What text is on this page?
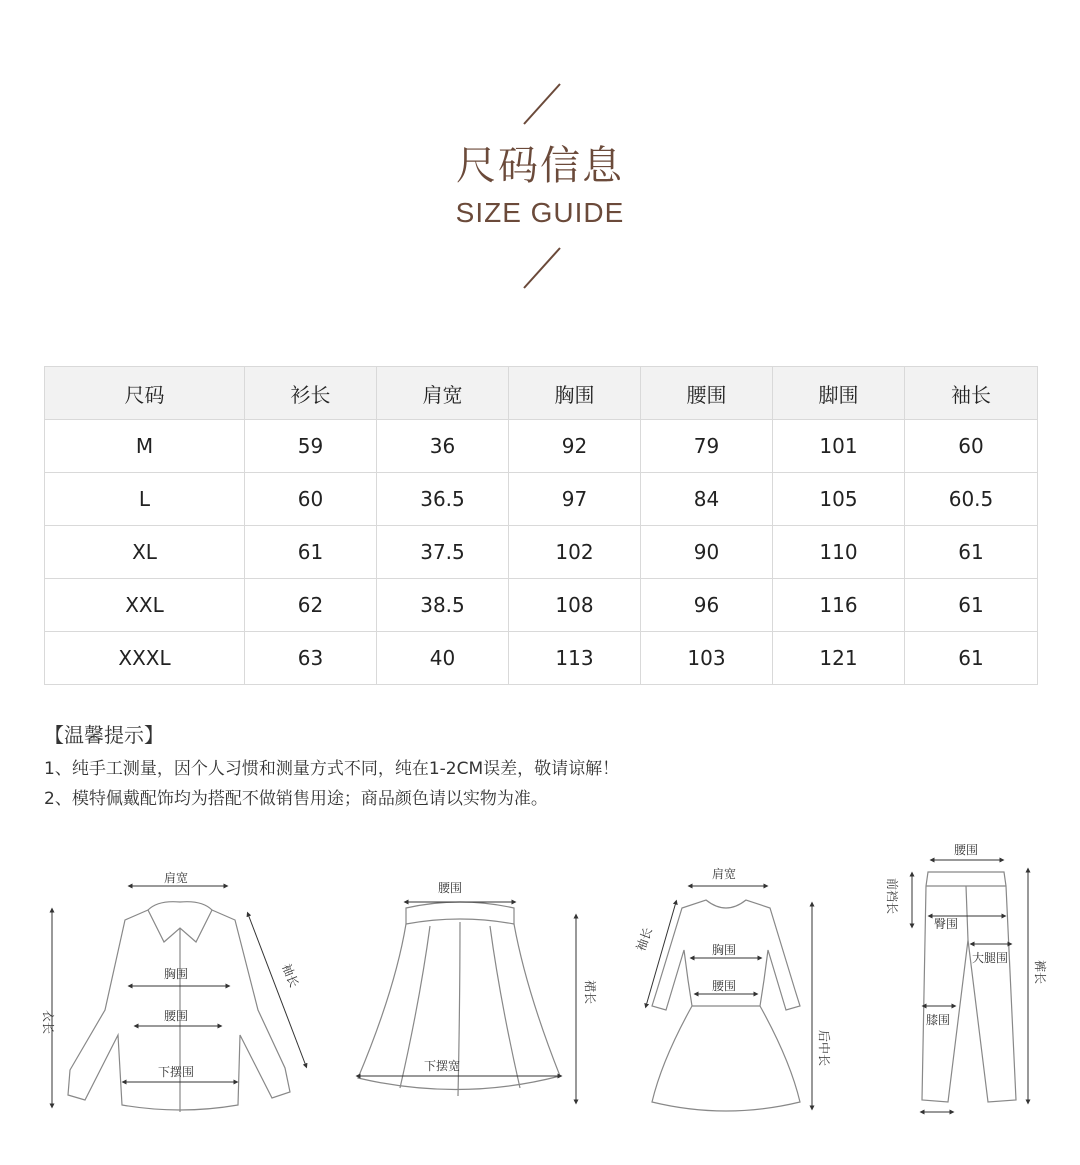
尺码信息
SIZE GUIDE
尺码	衫长	肩宽	胸围	腰围	脚围	袖长
M	59	36	92	79	101	60
L	60	36.5	97	84	105	60.5
XL	61	37.5	102	90	110	61
XXL	62	38.5	108	96	116	61
XXXL	63	40	113	103	121	61
【温馨提示】
1、纯手工测量，因个人习惯和测量方式不同，纯在1-2CM误差，敬请谅解！
2、模特佩戴配饰均为搭配不做销售用途；商品颜色请以实物为准。
肩宽
胸围
腰围
下摆围
衣长
袖长
腰围
下摆宽
裙长
肩宽
胸围
腰围
袖长
后中长
腰围
前裆长
臀围
大腿围
膝围
裤长
